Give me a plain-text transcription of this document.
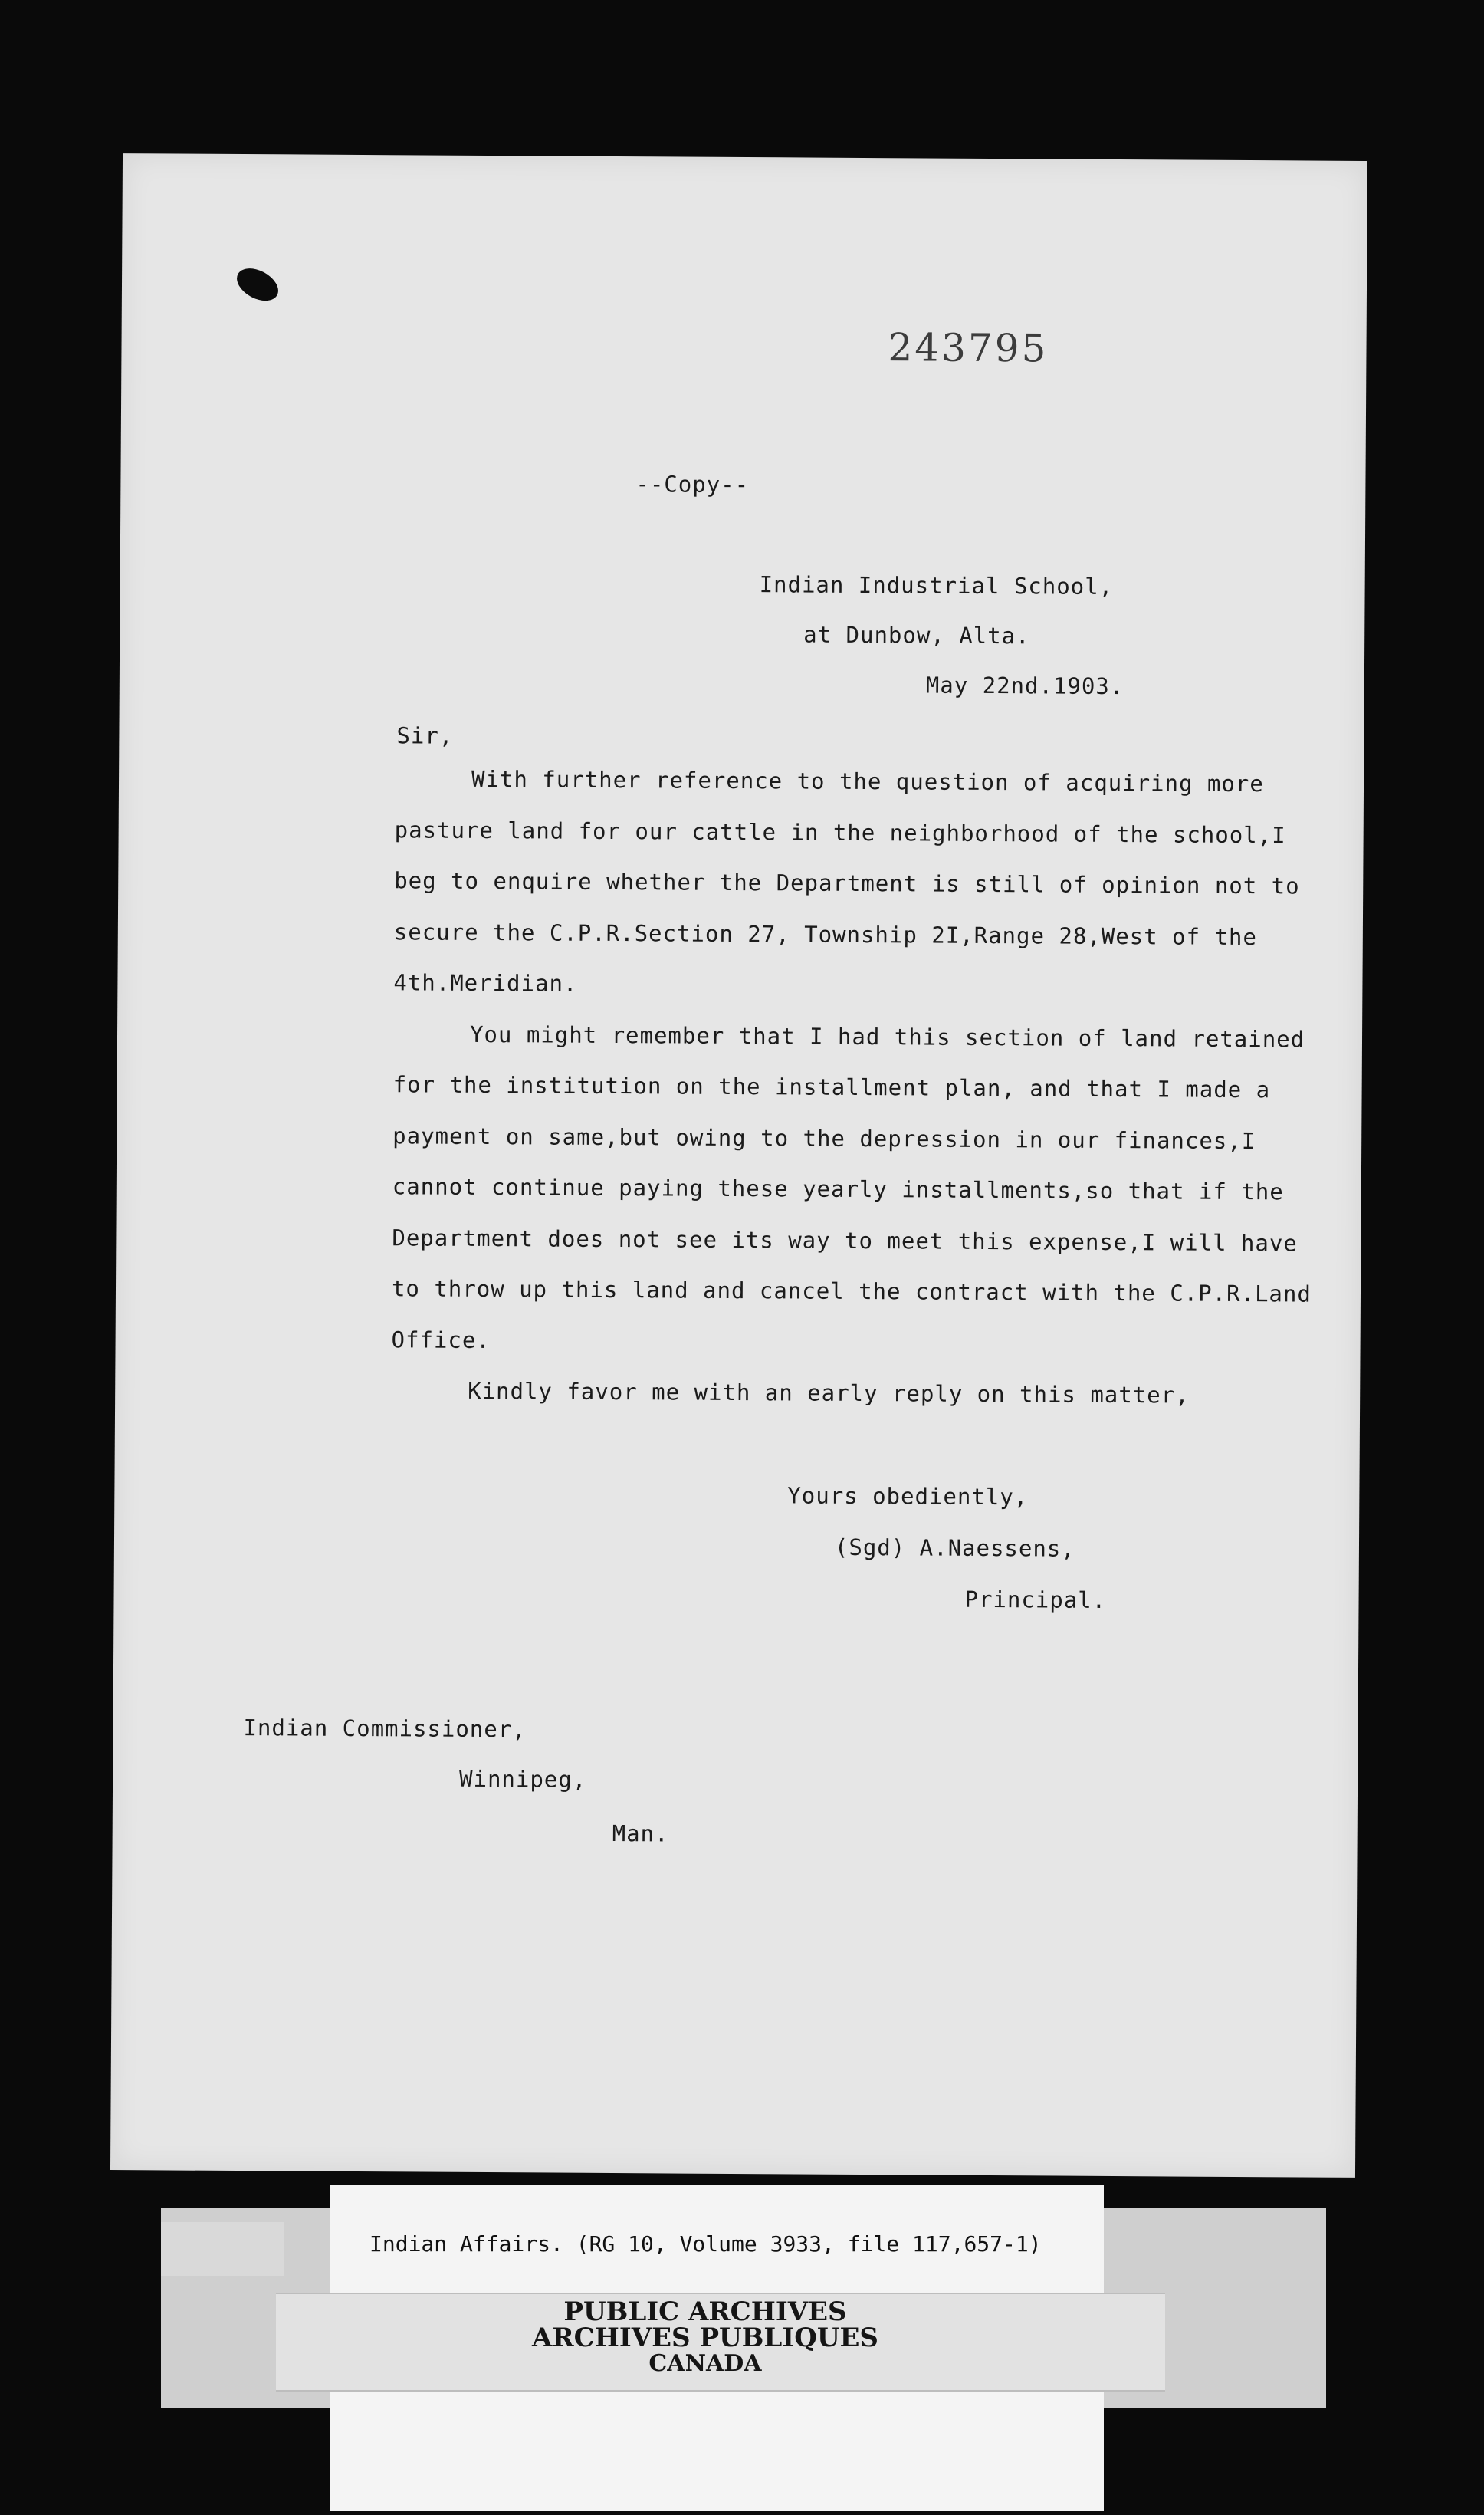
243795
--Copy--
Indian Industrial School,
at Dunbow, Alta.
May 22nd.1903.
Sir,

With further reference to the question of acquiring more pasture land for our cattle in the neighborhood of the school,I beg to enquire whether the Department is still of opinion not to secure the C.P.R.Section 27, Township 2I,Range 28,West of the 4th.Meridian.

You might remember that I had this section of land retained for the institution on the installment plan, and that I made a payment on same,but owing to the depression in our finances,I cannot continue paying these yearly installments,so that if the Department does not see its way to meet this expense,I will have to throw up this land and cancel the contract with the C.P.R.Land Office.

Kindly favor me with an early reply on this matter,

Yours obediently,
(Sgd) A.Naessens,
Principal.
Indian Commissioner,
Winnipeg,
Man.
Indian Affairs. (RG 10, Volume 3933, file 117,657-1)
PUBLIC ARCHIVES
ARCHIVES PUBLIQUES
CANADA
